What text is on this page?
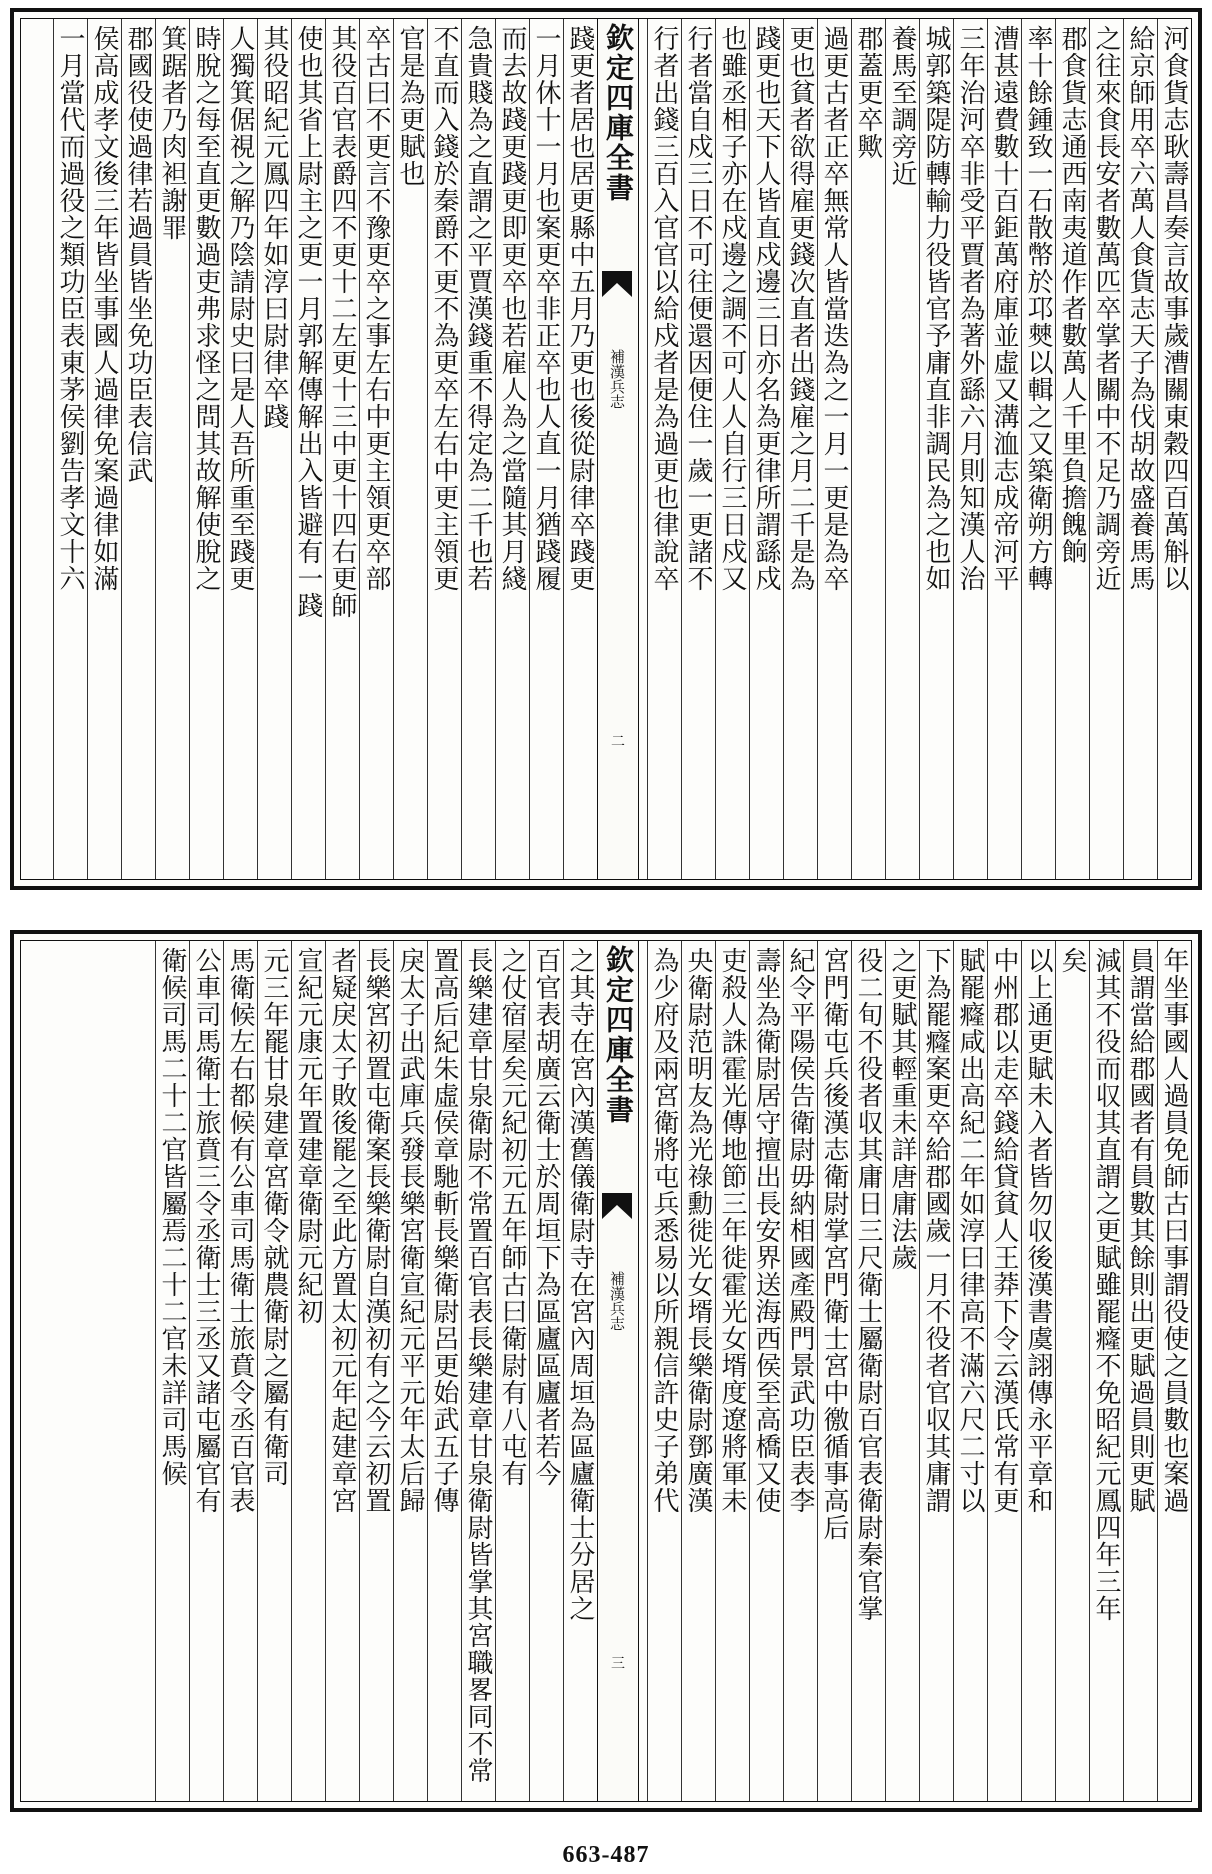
河食貨志耿壽昌奏言故事歲漕關東穀四百萬斛以
給京師用卒六萬人食貨志天子為伐胡故盛養馬馬
之往來食長安者數萬匹卒掌者關中不足乃調旁近
郡食貨志通西南夷道作者數萬人千里負擔餽餉
率十餘鍾致一石散幣於邛僰以輯之又築衛朔方轉
漕甚遠費數十百鉅萬府庫並虛又溝洫志成帝河平
三年治河卒非受平賈者為著外繇六月則知漢人治
城郭築隄防轉輸力役皆官予庸直非調民為之也如
養馬至調旁近
郡蓋更卒歟
過更古者正卒無常人皆當迭為之一月一更是為卒
更也貧者欲得雇更錢次直者出錢雇之月二千是為
踐更也天下人皆直戍邊三日亦名為更律所謂繇戍
也雖丞相子亦在戍邊之調不可人人自行三日戍又
行者當自戍三日不可往便還因便住一歲一更諸不
行者出錢三百入官官以給戍者是為過更也律說卒
欽定四庫全書
補漢兵志
二
踐更者居也居更縣中五月乃更也後從尉律卒踐更
一月休十一月也案更卒非正卒也人直一月猶踐履
而去故踐更踐更即更卒也若雇人為之當隨其月綫
急貴賤為之直謂之平賈漢錢重不得定為二千也若
不直而入錢於秦爵不更不為更卒左右中更主領更
官是為更賦也
卒古曰不更言不豫更卒之事左右中更主領更卒部
其役百官表爵四不更十二左更十三中更十四右更師
使也其省上尉主之更一月郭解傳解出入皆避有一踐
其役昭紀元鳳四年如淳曰尉律卒踐
人獨箕倨視之解乃陰請尉史曰是人吾所重至踐更
時脫之每至直更數過吏弗求怪之問其故解使脫之
箕踞者乃肉袒謝罪
郡國役使過律若過員皆坐免功臣表信武
侯高成孝文後三年皆坐事國人過律免案過律如滿
一月當代而過役之類功臣表東茅侯劉告孝文十六
年坐事國人過員免師古曰事謂役使之員數也案過
員謂當給郡國者有員數其餘則出更賦過員則更賦
減其不役而収其直謂之更賦雖罷癃不免昭紀元鳳四年三年
矣
以上通更賦未入者皆勿収後漢書虞詡傳永平章和
中州郡以走卒錢給貸貧人王莽下令云漢氏常有更
賦罷癃咸出高紀二年如淳曰律高不滿六尺二寸以
下為罷癃案更卒給郡國歲一月不役者官収其庸謂
之更賦其輕重未詳唐庸法歲
役二旬不役者収其庸日三尺衛士屬衛尉百官表衛尉秦官掌
宮門衛屯兵後漢志衛尉掌宮門衛士宮中徼循事高后
紀令平陽侯告衛尉毋納相國產殿門景武功臣表李
壽坐為衛尉居守擅出長安界送海西侯至高橋又使
吏殺人誅霍光傳地節三年徙霍光女壻度遼將軍未
央衛尉范明友為光祿勳徙光女壻長樂衛尉鄧廣漢
為少府及兩宮衛將屯兵悉易以所親信許史子弟代
欽定四庫全書
補漢兵志
三
之其寺在宮內漢舊儀衛尉寺在宮內周垣為區廬衛士分居之
百官表胡廣云衛士於周垣下為區廬區廬者若今
之仗宿屋矣元紀初元五年師古曰衛尉有八屯有
長樂建章甘泉衛尉不常置百官表長樂建章甘泉衛尉皆掌其宮職畧同不常
置高后紀朱虛侯章馳斬長樂衛尉呂更始武五子傳
戾太子出武庫兵發長樂宮衛宣紀元平元年太后歸
長樂宮初置屯衛案長樂衛尉自漢初有之今云初置
者疑戾太子敗後罷之至此方置太初元年起建章宮
宣紀元康元年置建章衛尉元紀初
元三年罷甘泉建章宮衛令就農衛尉之屬有衛司
馬衛候左右都候有公車司馬衛士旅賁令丞百官表
公車司馬衛士旅賁三令丞衛士三丞又諸屯屬官有
衛候司馬二十二官皆屬焉二十二官未詳司馬候
663-487
